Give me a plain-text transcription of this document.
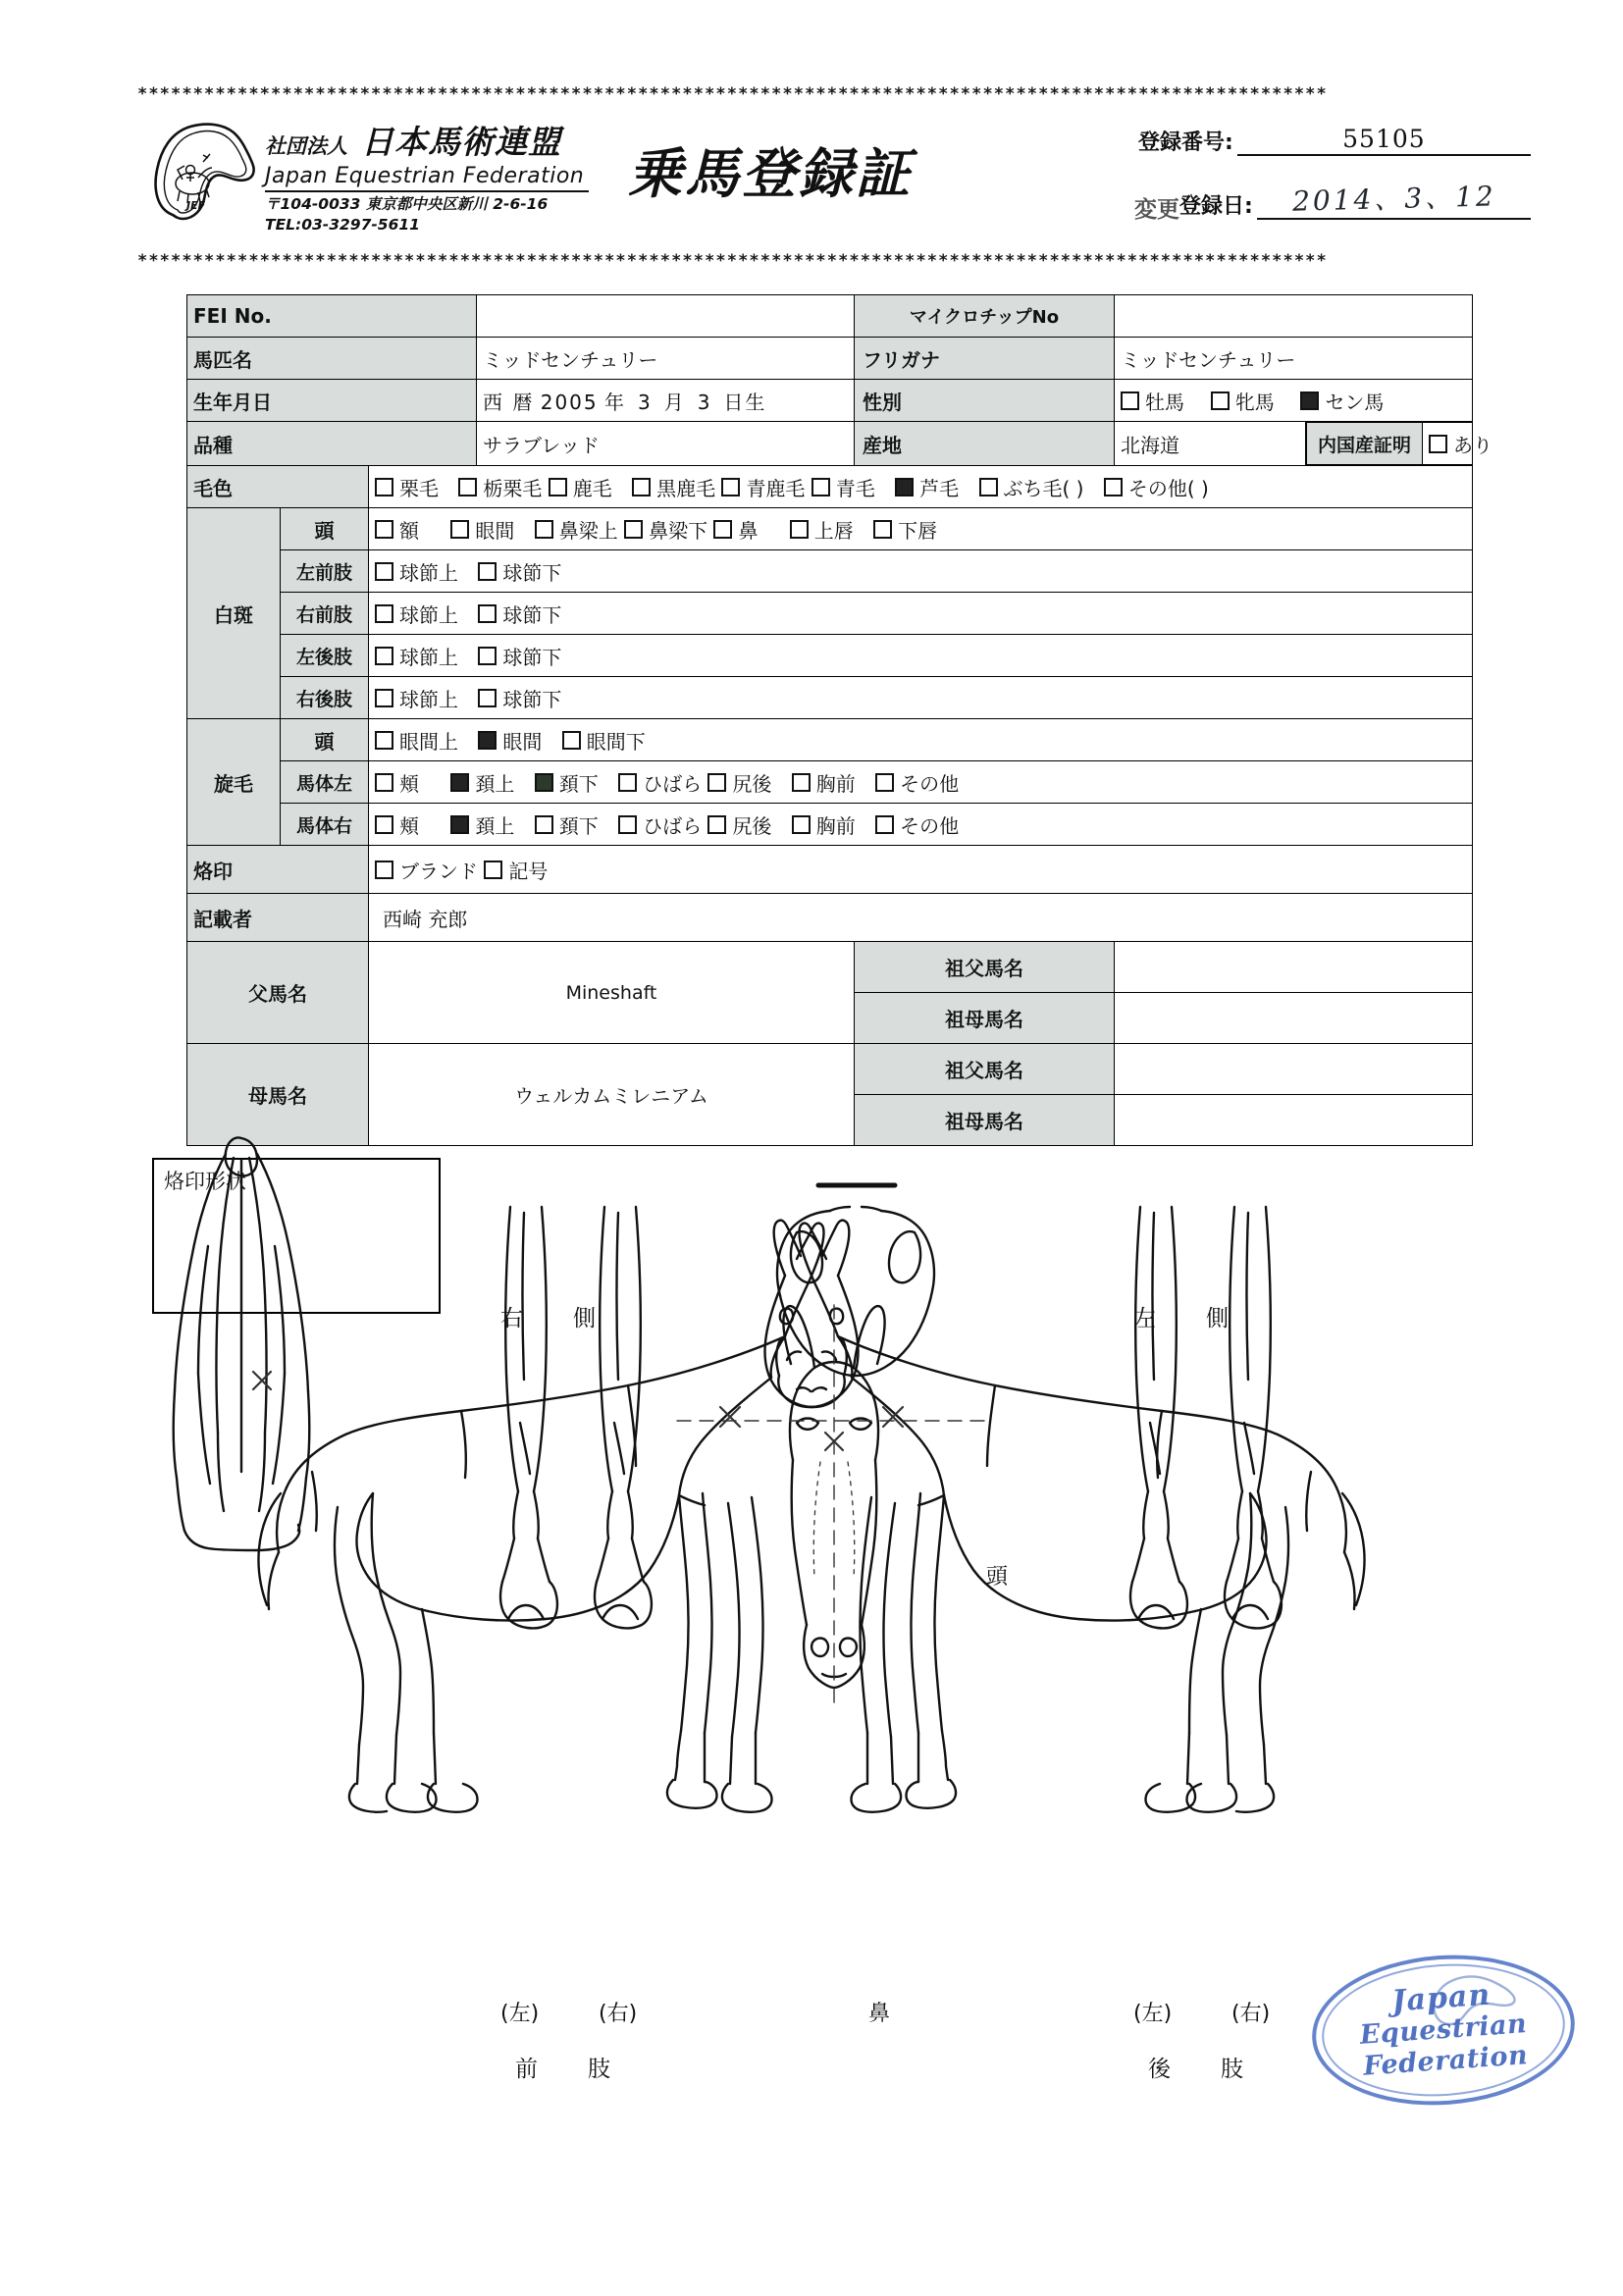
***********************************************************************************************************
JEF
社団法人 日本馬術連盟
Japan Equestrian Federation
〒104-0033 東京都中央区新川 2-6-16
TEL:03-3297-5611
乗馬登録証	登録番号:	55105
変更 登録日:	2014、3、12
***********************************************************************************************************
FEI No.		マイクロチップNo	
馬匹名	ミッドセンチュリー	フリガナ	ミッドセンチュリー
生年月日	西 暦 2005 年 3 月 3 日生	性別	牡馬	牝馬	セン馬
品種	サラブレッド	産地	北海道		内国産証明	あり

毛色	栗毛 栃栗毛 鹿毛 黒鹿毛 青鹿毛 青毛 芦毛 ぶち毛( ) その他( )
白斑	頭	額	眼間 鼻梁上 鼻梁下 鼻	上唇 下唇
左前肢	球節上 球節下
右前肢	球節上 球節下
左後肢	球節上 球節下
右後肢	球節上 球節下
旋毛	頭	眼間上 眼間 眼間下
馬体左	頬	頚上 頚下 ひばら 尻後 胸前 その他
馬体右	頬	頚上 頚下 ひばら 尻後 胸前 その他
烙印	ブランド 記号
記載者	西崎 充郎
父馬名	Mineshaft	祖父馬名	
祖母馬名	
母馬名	ウェルカムミレニアム	祖父馬名	
祖母馬名	
烙印形状
右　側	左　側
頭
鼻
(左)	(右)
前　肢
(左)	(右)
後　肢
Japan
Equestrian
Federation
